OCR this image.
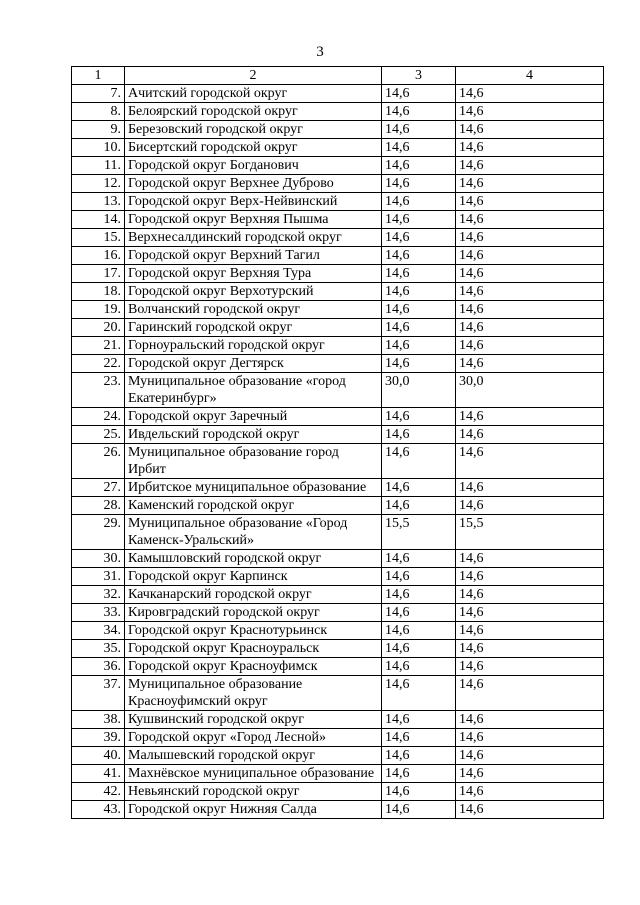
3
1	2	3	4
7.	Ачитский городской округ	14,6	14,6
8.	Белоярский городской округ	14,6	14,6
9.	Березовский городской округ	14,6	14,6
10.	Бисертский городской округ	14,6	14,6
11.	Городской округ Богданович	14,6	14,6
12.	Городской округ Верхнее Дуброво	14,6	14,6
13.	Городской округ Верх-Нейвинский	14,6	14,6
14.	Городской округ Верхняя Пышма	14,6	14,6
15.	Верхнесалдинский городской округ	14,6	14,6
16.	Городской округ Верхний Тагил	14,6	14,6
17.	Городской округ Верхняя Тура	14,6	14,6
18.	Городской округ Верхотурский	14,6	14,6
19.	Волчанский городской округ	14,6	14,6
20.	Гаринский городской округ	14,6	14,6
21.	Горноуральский городской округ	14,6	14,6
22.	Городской округ Дегтярск	14,6	14,6
23.	Муниципальное образование «город Екатеринбург»	30,0	30,0
24.	Городской округ Заречный	14,6	14,6
25.	Ивдельский городской округ	14,6	14,6
26.	Муниципальное образование город Ирбит	14,6	14,6
27.	Ирбитское муниципальное образование	14,6	14,6
28.	Каменский городской округ	14,6	14,6
29.	Муниципальное образование «Город Каменск-Уральский»	15,5	15,5
30.	Камышловский городской округ	14,6	14,6
31.	Городской округ Карпинск	14,6	14,6
32.	Качканарский городской округ	14,6	14,6
33.	Кировградский городской округ	14,6	14,6
34.	Городской округ Краснотурьинск	14,6	14,6
35.	Городской округ Красноуральск	14,6	14,6
36.	Городской округ Красноуфимск	14,6	14,6
37.	Муниципальное образование Красноуфимский округ	14,6	14,6
38.	Кушвинский городской округ	14,6	14,6
39.	Городской округ «Город Лесной»	14,6	14,6
40.	Малышевский городской округ	14,6	14,6
41.	Махнёвское муниципальное образование	14,6	14,6
42.	Невьянский городской округ	14,6	14,6
43.	Городской округ Нижняя Салда	14,6	14,6
